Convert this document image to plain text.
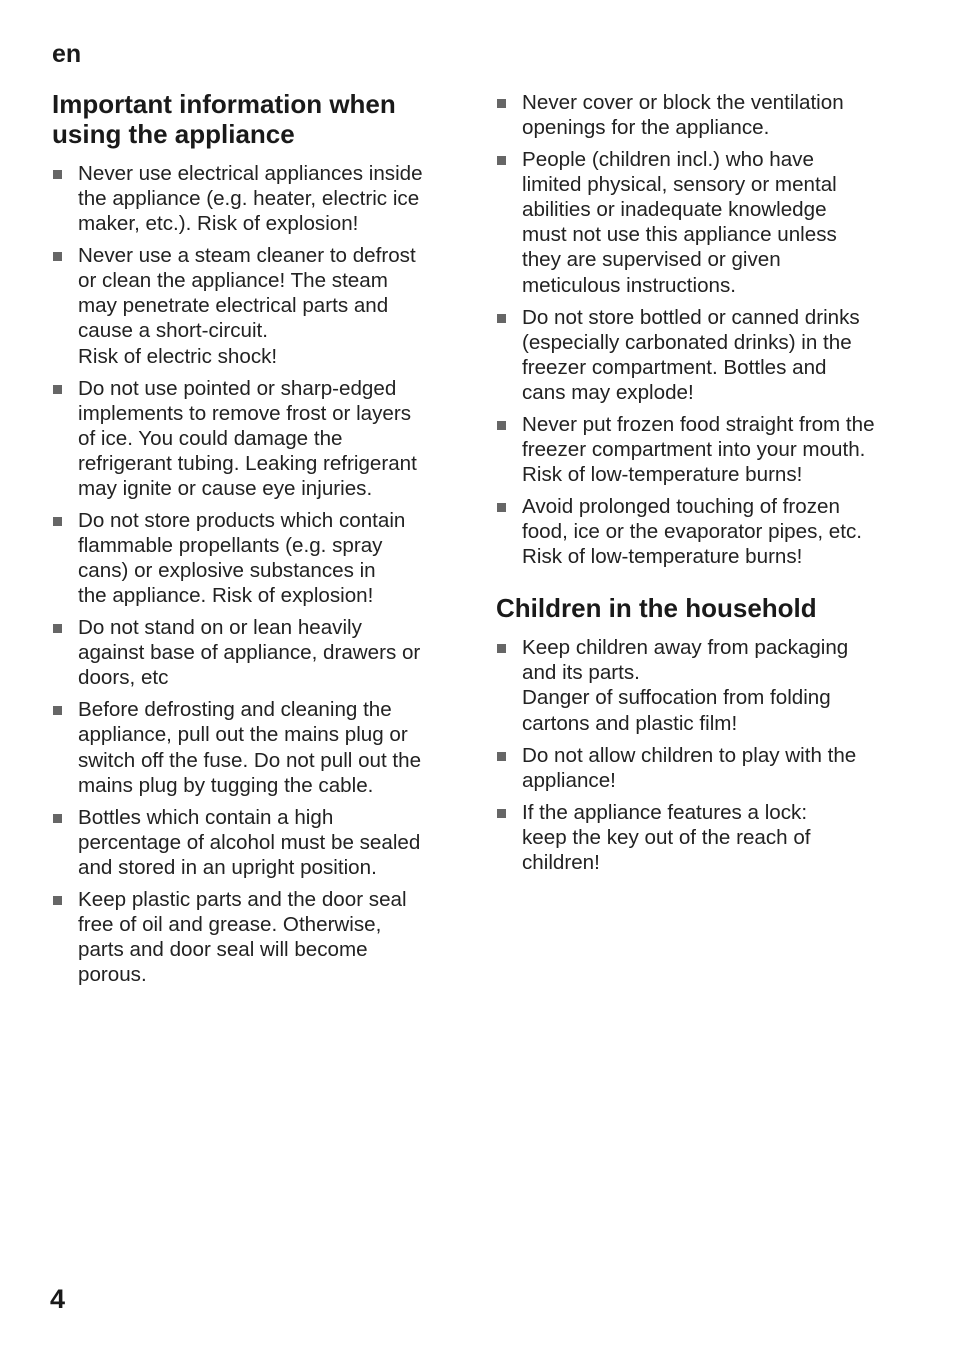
en
Important information when
using the appliance
Never use electrical appliances inside
the appliance (e.g. heater, electric ice
maker, etc.). Risk of explosion!
Never use a steam cleaner to defrost
or clean the appliance! The steam
may penetrate electrical parts and
cause a short-circuit.
Risk of electric shock!
Do not use pointed or sharp-edged
implements to remove frost or layers
of ice. You could damage the
refrigerant tubing. Leaking refrigerant
may ignite or cause eye injuries.
Do not store products which contain
flammable propellants (e.g. spray
cans) or explosive substances in
the appliance. Risk of explosion!
Do not stand on or lean heavily
against base of appliance, drawers or
doors, etc
Before defrosting and cleaning the
appliance, pull out the mains plug or
switch off the fuse. Do not pull out the
mains plug by tugging the cable.
Bottles which contain a high
percentage of alcohol must be sealed
and stored in an upright position.
Keep plastic parts and the door seal
free of oil and grease. Otherwise,
parts and door seal will become
porous.
Never cover or block the ventilation
openings for the appliance.
People (children incl.) who have
limited physical, sensory or mental
abilities or inadequate knowledge
must not use this appliance unless
they are supervised or given
meticulous instructions.
Do not store bottled or canned drinks
(especially carbonated drinks) in the
freezer compartment. Bottles and
cans may explode!
Never put frozen food straight from the
freezer compartment into your mouth.
Risk of low-temperature burns!
Avoid prolonged touching of frozen
food, ice or the evaporator pipes, etc.
Risk of low-temperature burns!
Children in the household
Keep children away from packaging
and its parts.
Danger of suffocation from folding
cartons and plastic film!
Do not allow children to play with the
appliance!
If the appliance features a lock:
keep the key out of the reach of
children!
4
